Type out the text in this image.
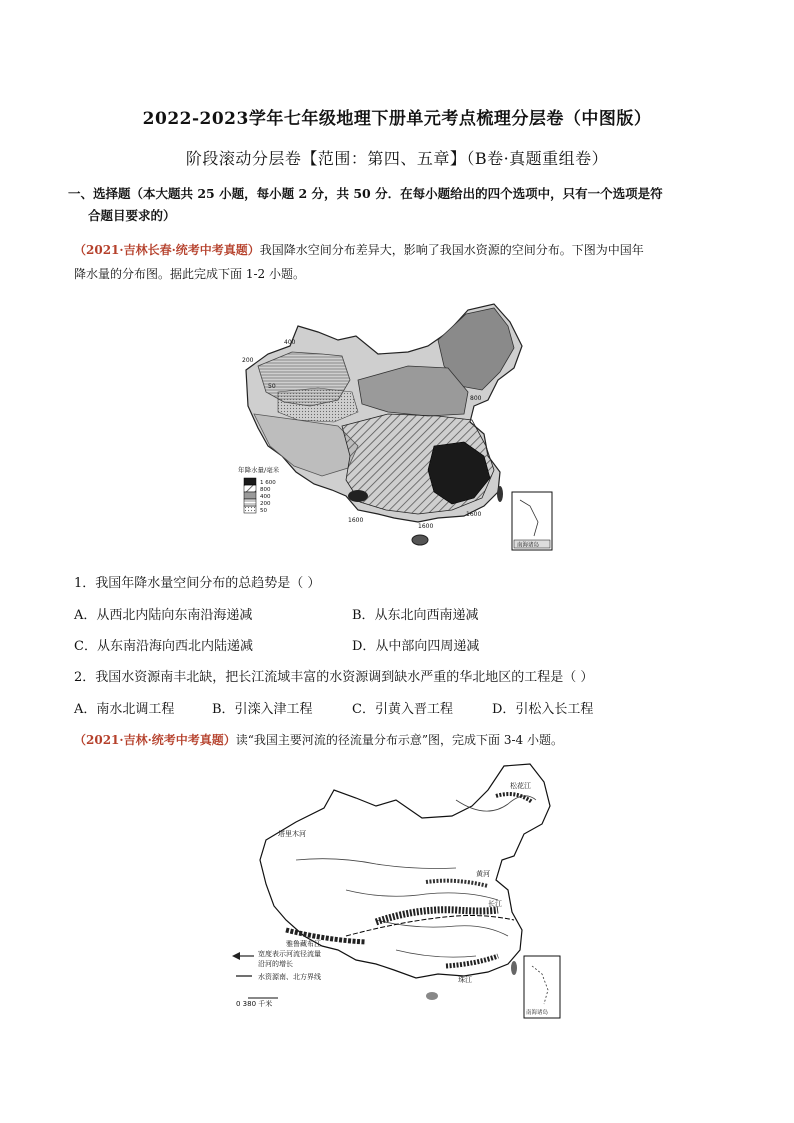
2022-2023学年七年级地理下册单元考点梳理分层卷（中图版）
阶段滚动分层卷【范围：第四、五章】（B卷·真题重组卷）
一、选择题（本大题共 25 小题，每小题 2 分，共 50 分．在每小题给出的四个选项中，只有一个选项是符
合题目要求的）
（2021·吉林长春·统考中考真题）我国降水空间分布差异大，影响了我国水资源的空间分布。下图为中国年
降水量的分布图。据此完成下面 1-2 小题。
200
400
800
1600
1600
1600
50
年降水量/毫米
1 600
800
400
200
50
南海诸岛
1．我国年降水量空间分布的总趋势是（ ）
A．从西北内陆向东南沿海递减	B．从东北向西南递减
C．从东南沿海向西北内陆递减	D．从中部向四周递减
2．我国水资源南丰北缺，把长江流域丰富的水资源调到缺水严重的华北地区的工程是（ ）
A．南水北调工程	B．引滦入津工程	C．引黄入晋工程	D．引松入长工程
（2021·吉林·统考中考真题）读“我国主要河流的径流量分布示意”图，完成下面 3-4 小题。
松花江
塔里木河
黄河
长江
珠江
雅鲁藏布江
宽度表示河流径流量
沿河的增长
水资源南、北方界线
0 380 千米
南海诸岛
